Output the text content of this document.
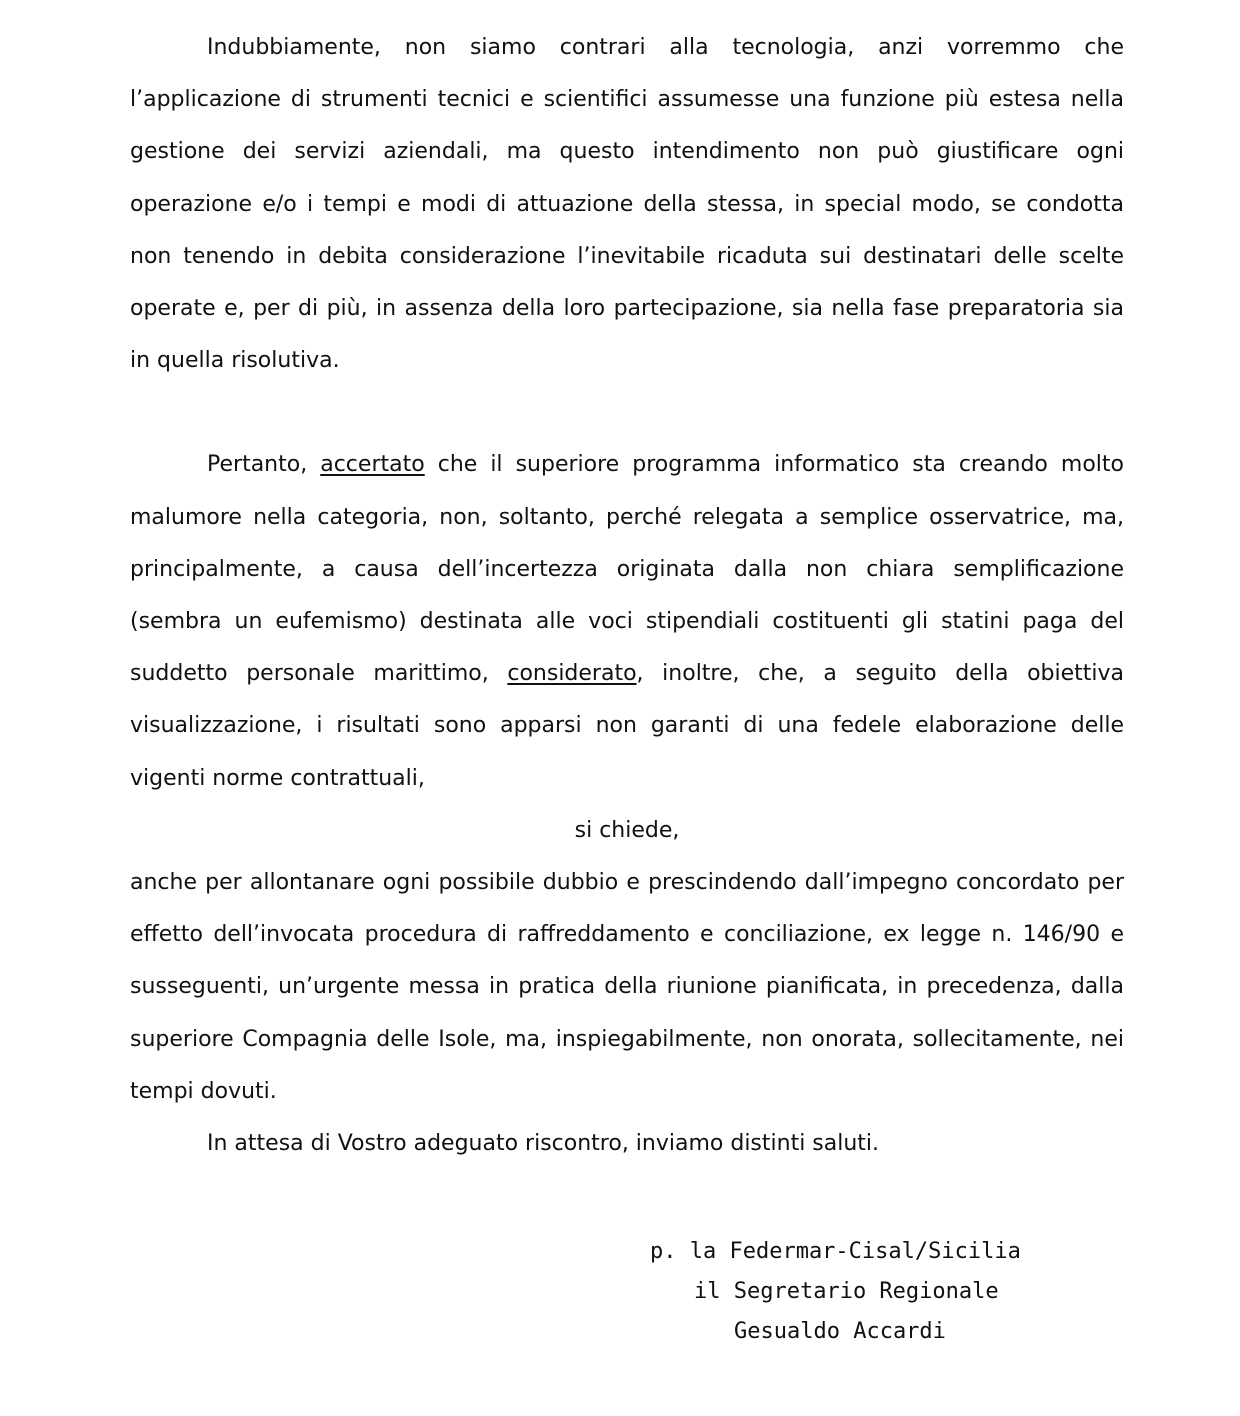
Indubbiamente, non siamo contrari alla tecnologia, anzi vorremmo che l’applicazione di strumenti tecnici e scientifici assumesse una funzione più estesa nella gestione dei servizi aziendali, ma questo intendimento non può giustificare ogni operazione e/o i tempi e modi di attuazione della stessa, in special modo, se condotta non tenendo in debita considerazione l’inevitabile ricaduta sui destinatari delle scelte operate e, per di più, in assenza della loro partecipazione, sia nella fase preparatoria sia in quella risolutiva.

Pertanto, accertato che il superiore programma informatico sta creando molto malumore nella categoria, non, soltanto, perché relegata a semplice osservatrice, ma, principalmente, a causa dell’incertezza originata dalla non chiara semplificazione (sembra un eufemismo) destinata alle voci stipendiali costituenti gli statini paga del suddetto personale marittimo, considerato, inoltre, che, a seguito della obiettiva visualizzazione, i risultati sono apparsi non garanti di una fedele elaborazione delle vigenti norme contrattuali,

si chiede,

anche per allontanare ogni possibile dubbio e prescindendo dall’impegno concordato per effetto dell’invocata procedura di raffreddamento e conciliazione, ex legge n. 146/90 e susseguenti, un’urgente messa in pratica della riunione pianificata, in precedenza, dalla superiore Compagnia delle Isole, ma, inspiegabilmente, non onorata, sollecitamente, nei tempi dovuti.

In attesa di Vostro adeguato riscontro, inviamo distinti saluti.

p. la Federmar-Cisal/Sicilia
il Segretario Regionale
Gesualdo Accardi
